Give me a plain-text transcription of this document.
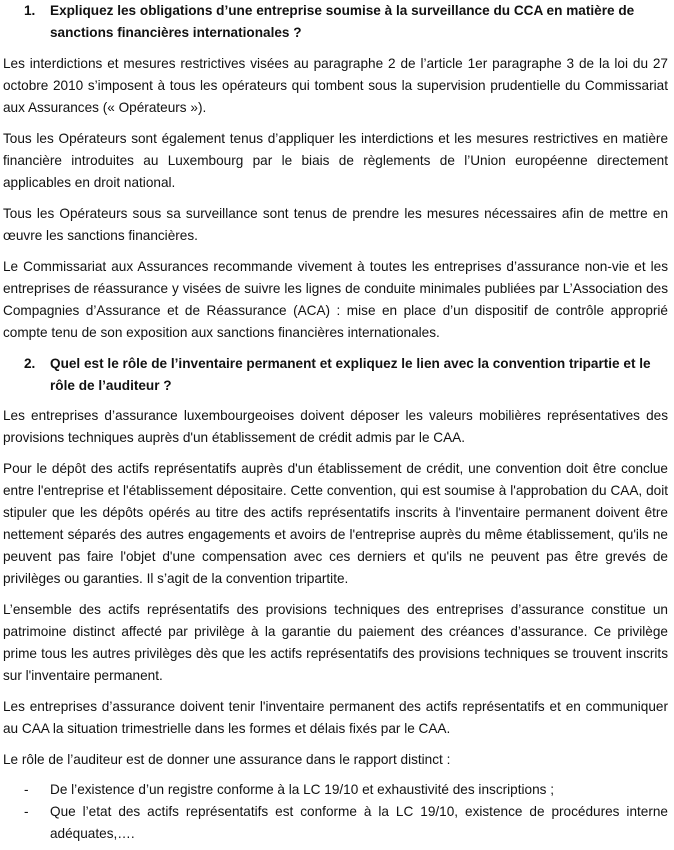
1.	Expliquez les obligations d’une entreprise soumise à la surveillance du CCA en matière de sanctions financières internationales ?

Les interdictions et mesures restrictives visées au paragraphe 2 de l’article 1er paragraphe 3 de la loi du 27 octobre 2010 s’imposent à tous les opérateurs qui tombent sous la supervision prudentielle du Commissariat aux Assurances (« Opérateurs »).

Tous les Opérateurs sont également tenus d’appliquer les interdictions et les mesures restrictives en matière financière introduites au Luxembourg par le biais de règlements de l’Union européenne directement applicables en droit national.

Tous les Opérateurs sous sa surveillance sont tenus de prendre les mesures nécessaires afin de mettre en œuvre les sanctions financières.

Le Commissariat aux Assurances recommande vivement à toutes les entreprises d’assurance non-vie et les entreprises de réassurance y visées de suivre les lignes de conduite minimales publiées par L’Association des Compagnies d’Assurance et de Réassurance (ACA) : mise en place d’un dispositif de contrôle approprié compte tenu de son exposition aux sanctions financières internationales.

2.	Quel est le rôle de l’inventaire permanent et expliquez le lien avec la convention tripartie et le rôle de l’auditeur ?

Les entreprises d’assurance luxembourgeoises doivent déposer les valeurs mobilières représentatives des provisions techniques auprès d'un établissement de crédit admis par le CAA.

Pour le dépôt des actifs représentatifs auprès d'un établissement de crédit, une convention doit être conclue entre l'entreprise et l'établissement dépositaire. Cette convention, qui est soumise à l'approbation du CAA, doit stipuler que les dépôts opérés au titre des actifs représentatifs inscrits à l'inventaire permanent doivent être nettement séparés des autres engagements et avoirs de l'entreprise auprès du même établissement, qu'ils ne peuvent pas faire l'objet d'une compensation avec ces derniers et qu'ils ne peuvent pas être grevés de privilèges ou garanties. Il s’agit de la convention tripartite.

L’ensemble des actifs représentatifs des provisions techniques des entreprises d’assurance constitue un patrimoine distinct affecté par privilège à la garantie du paiement des créances d’assurance. Ce privilège prime tous les autres privilèges dès que les actifs représentatifs des provisions techniques se trouvent inscrits sur l'inventaire permanent.

Les entreprises d’assurance doivent tenir l'inventaire permanent des actifs représentatifs et en communiquer au CAA la situation trimestrielle dans les formes et délais fixés par le CAA.

Le rôle de l’auditeur est de donner une assurance dans le rapport distinct :

-	De l’existence d’un registre conforme à la LC 19/10 et exhaustivité des inscriptions ;
-	Que l’etat des actifs représentatifs est conforme à la LC 19/10, existence de procédures interne adéquates,….
